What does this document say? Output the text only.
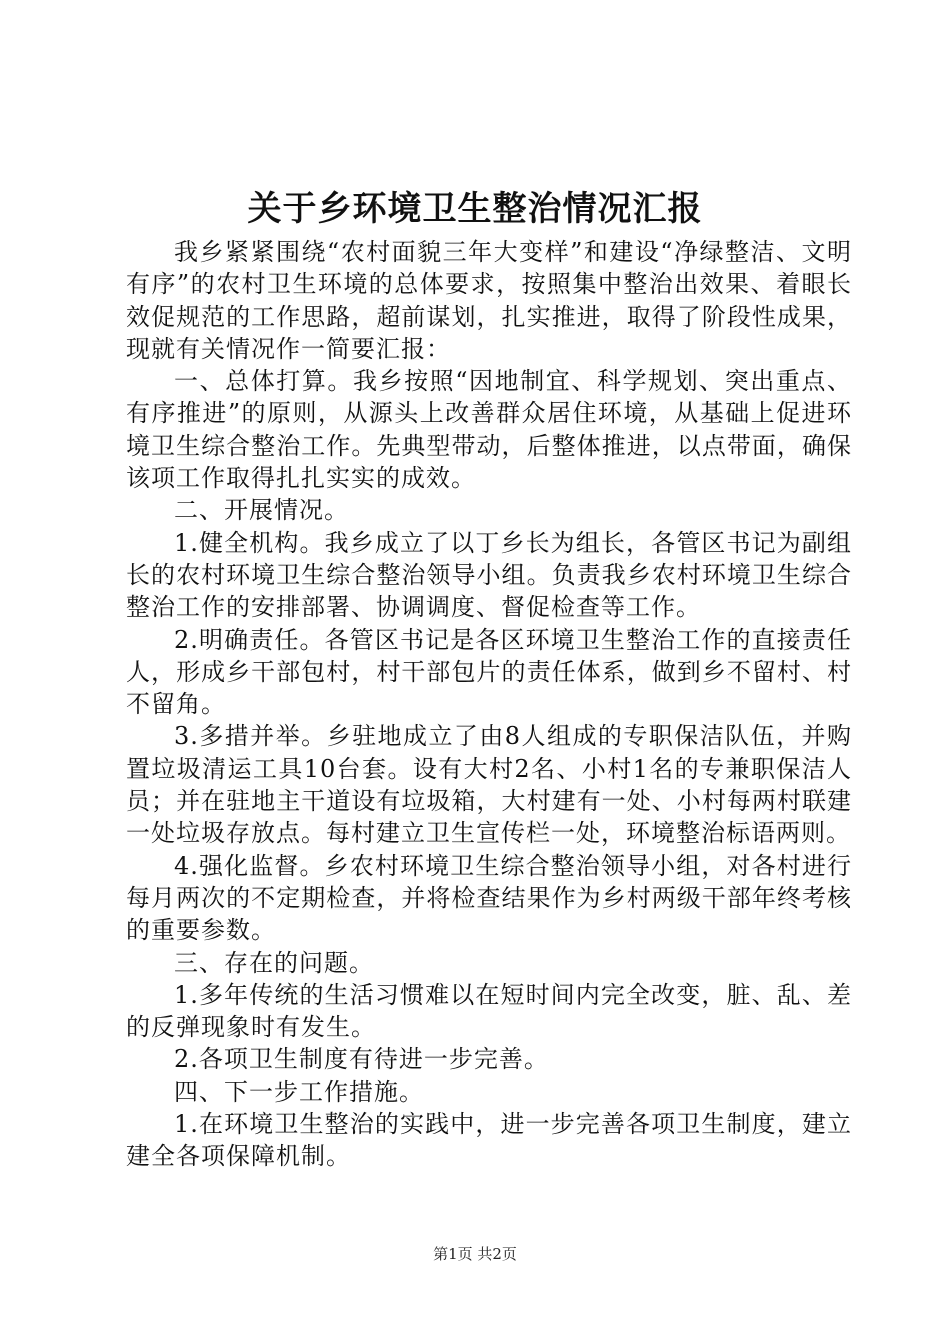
关于乡环境卫生整治情况汇报

我乡紧紧围绕“农村面貌三年大变样”和建设“净绿整洁、文明有序”的农村卫生环境的总体要求，按照集中整治出效果、着眼长效促规范的工作思路，超前谋划，扎实推进，取得了阶段性成果，现就有关情况作一简要汇报：

一、总体打算。我乡按照“因地制宜、科学规划、突出重点、有序推进”的原则，从源头上改善群众居住环境，从基础上促进环境卫生综合整治工作。先典型带动，后整体推进，以点带面，确保该项工作取得扎扎实实的成效。

二、开展情况。

1.健全机构。我乡成立了以丁乡长为组长，各管区书记为副组长的农村环境卫生综合整治领导小组。负责我乡农村环境卫生综合整治工作的安排部署、协调调度、督促检查等工作。

2.明确责任。各管区书记是各区环境卫生整治工作的直接责任人，形成乡干部包村，村干部包片的责任体系，做到乡不留村、村不留角。

3.多措并举。乡驻地成立了由8人组成的专职保洁队伍，并购置垃圾清运工具10台套。设有大村2名、小村1名的专兼职保洁人员；并在驻地主干道设有垃圾箱，大村建有一处、小村每两村联建一处垃圾存放点。每村建立卫生宣传栏一处，环境整治标语两则。

4.强化监督。乡农村环境卫生综合整治领导小组，对各村进行每月两次的不定期检查，并将检查结果作为乡村两级干部年终考核的重要参数。

三、存在的问题。

1.多年传统的生活习惯难以在短时间内完全改变，脏、乱、差的反弹现象时有发生。

2.各项卫生制度有待进一步完善。

四、下一步工作措施。

1.在环境卫生整治的实践中，进一步完善各项卫生制度，建立建全各项保障机制。

第1页 共2页
